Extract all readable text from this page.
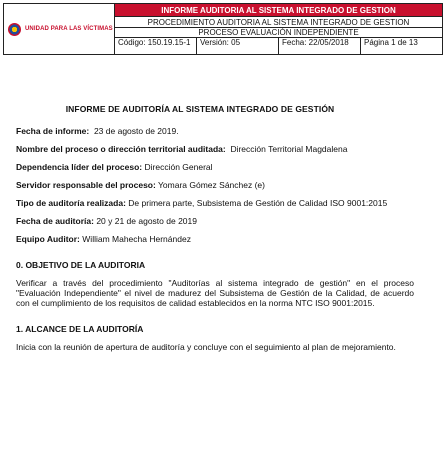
UNIDAD PARA LAS VÍCTIMAS	INFORME AUDITORIA AL SISTEMA INTEGRADO DE GESTION			
	PROCEDIMIENTO AUDITORIA AL SISTEMA INTEGRADO DE GESTION			
	PROCESO EVALUACIÓN INDEPENDIENTE			
	Código: 150.19.15-1	Versión: 05	Fecha: 22/05/2018	Página 1 de 13
INFORME DE AUDITORÍA AL SISTEMA INTEGRADO DE GESTIÓN
Fecha de informe: 23 de agosto de 2019.
Nombre del proceso o dirección territorial auditada: Dirección Territorial Magdalena
Dependencia líder del proceso: Dirección General
Servidor responsable del proceso: Yomara Gómez Sánchez (e)
Tipo de auditoría realizada: De primera parte, Subsistema de Gestión de Calidad ISO 9001:2015
Fecha de auditoría: 20 y 21 de agosto de 2019
Equipo Auditor: William Mahecha Hernández
0. OBJETIVO DE LA AUDITORIA
Verificar a través del procedimiento "Auditorías al sistema integrado de gestión" en el proceso "Evaluación Independiente" el nivel de madurez del Subsistema de Gestión de la Calidad, de acuerdo con el cumplimiento de los requisitos de calidad establecidos en la norma NTC ISO 9001:2015.
1. ALCANCE DE LA AUDITORÍA
Inicia con la reunión de apertura de auditoría y concluye con el seguimiento al plan de mejoramiento.
